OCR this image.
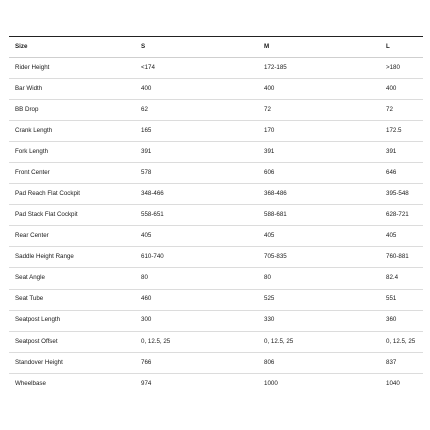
Size	S	M	L
Rider Height	<174	172-185	>180
Bar Width	400	400	400
BB Drop	62	72	72
Crank Length	165	170	172.5
Fork Length	391	391	391
Front Center	578	606	646
Pad Reach Flat Cockpit	348-466	368-486	395-548
Pad Stack Flat Cockpit	558-651	588-681	628-721
Rear Center	405	405	405
Saddle Height Range	610-740	705-835	760-881
Seat Angle	80	80	82.4
Seat Tube	460	525	551
Seatpost Length	300	330	360
Seatpost Offset	0, 12.5, 25	0, 12.5, 25	0, 12.5, 25
Standover Height	766	806	837
Wheelbase	974	1000	1040
